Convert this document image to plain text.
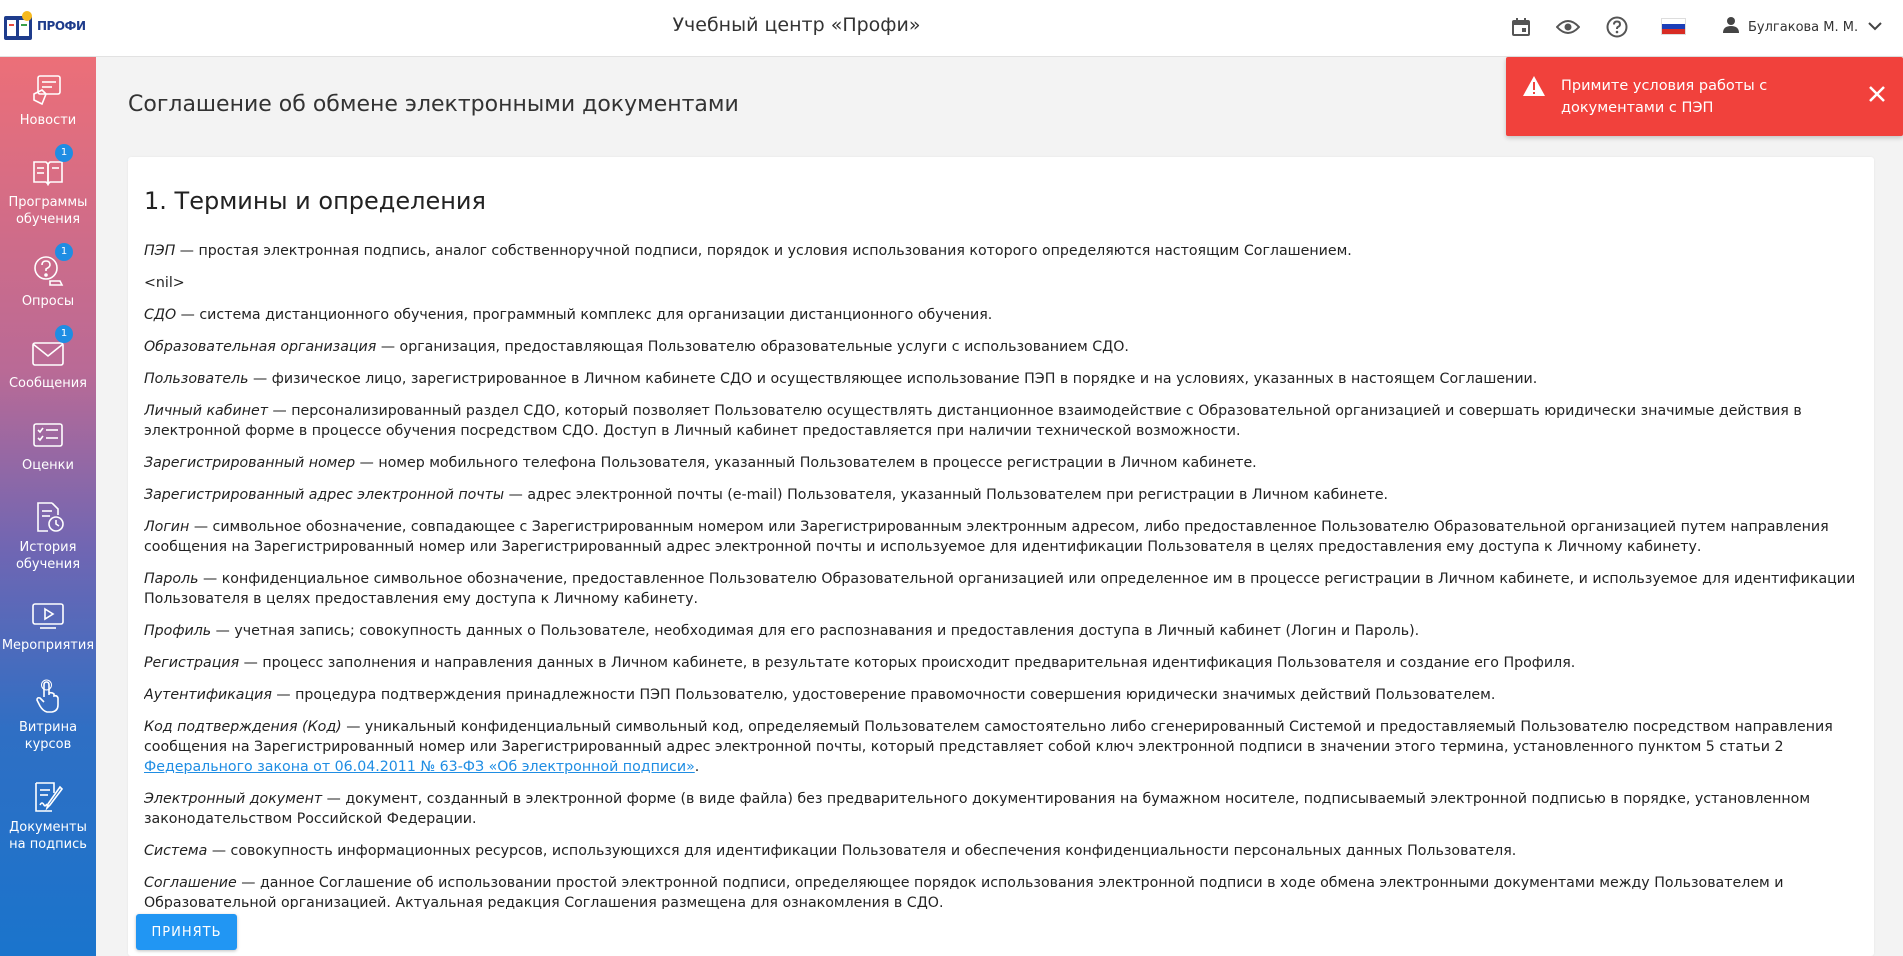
ПРОФИ	Учебный центр «Профи»	Булгакова М. М.
Новости
1
Программы обучения
1
Опросы
1
Сообщения
Оценки
История обучения
Мероприятия
Витрина курсов
Документы на подпись
Соглашение об обмене электронными документами
1. Термины и определения

ПЭП — простая электронная подпись, аналог собственноручной подписи, порядок и условия использования которого определяются настоящим Соглашением.

<nil>

СДО — система дистанционного обучения, программный комплекс для организации дистанционного обучения.

Образовательная организация — организация, предоставляющая Пользователю образовательные услуги с использованием СДО.

Пользователь — физическое лицо, зарегистрированное в Личном кабинете СДО и осуществляющее использование ПЭП в порядке и на условиях, указанных в настоящем Соглашении.

Личный кабинет — персонализированный раздел СДО, который позволяет Пользователю осуществлять дистанционное взаимодействие с Образовательной организацией и совершать юридически значимые действия в электронной форме в процессе обучения посредством СДО. Доступ в Личный кабинет предоставляется при наличии технической возможности.

Зарегистрированный номер — номер мобильного телефона Пользователя, указанный Пользователем в процессе регистрации в Личном кабинете.

Зарегистрированный адрес электронной почты — адрес электронной почты (e-mail) Пользователя, указанный Пользователем при регистрации в Личном кабинете.

Логин — символьное обозначение, совпадающее с Зарегистрированным номером или Зарегистрированным электронным адресом, либо предоставленное Пользователю Образовательной организацией путем направления сообщения на Зарегистрированный номер или Зарегистрированный адрес электронной почты и используемое для идентификации Пользователя в целях предоставления ему доступа к Личному кабинету.

Пароль — конфиденциальное символьное обозначение, предоставленное Пользователю Образовательной организацией или определенное им в процессе регистрации в Личном кабинете, и используемое для идентификации Пользователя в целях предоставления ему доступа к Личному кабинету.

Профиль — учетная запись; совокупность данных о Пользователе, необходимая для его распознавания и предоставления доступа в Личный кабинет (Логин и Пароль).

Регистрация — процесс заполнения и направления данных в Личном кабинете, в результате которых происходит предварительная идентификация Пользователя и создание его Профиля.

Аутентификация — процедура подтверждения принадлежности ПЭП Пользователю, удостоверение правомочности совершения юридически значимых действий Пользователем.

Код подтверждения (Код) — уникальный конфиденциальный символьный код, определяемый Пользователем самостоятельно либо сгенерированный Системой и предоставляемый Пользователю посредством направления сообщения на Зарегистрированный номер или Зарегистрированный адрес электронной почты, который представляет собой ключ электронной подписи в значении этого термина, установленного пунктом 5 статьи 2 Федерального закона от 06.04.2011 № 63-ФЗ «Об электронной подписи».

Электронный документ — документ, созданный в электронной форме (в виде файла) без предварительного документирования на бумажном носителе, подписываемый электронной подписью в порядке, установленном законодательством Российской Федерации.

Система — совокупность информационных ресурсов, использующихся для идентификации Пользователя и обеспечения конфиденциальности персональных данных Пользователя.

Соглашение — данное Соглашение об использовании простой электронной подписи, определяющее порядок использования электронной подписи в ходе обмена электронными документами между Пользователем и Образовательной организацией. Актуальная редакция Соглашения размещена для ознакомления в СДО.

ПРИНЯТЬ
Примите условия работы с документами с ПЭП
